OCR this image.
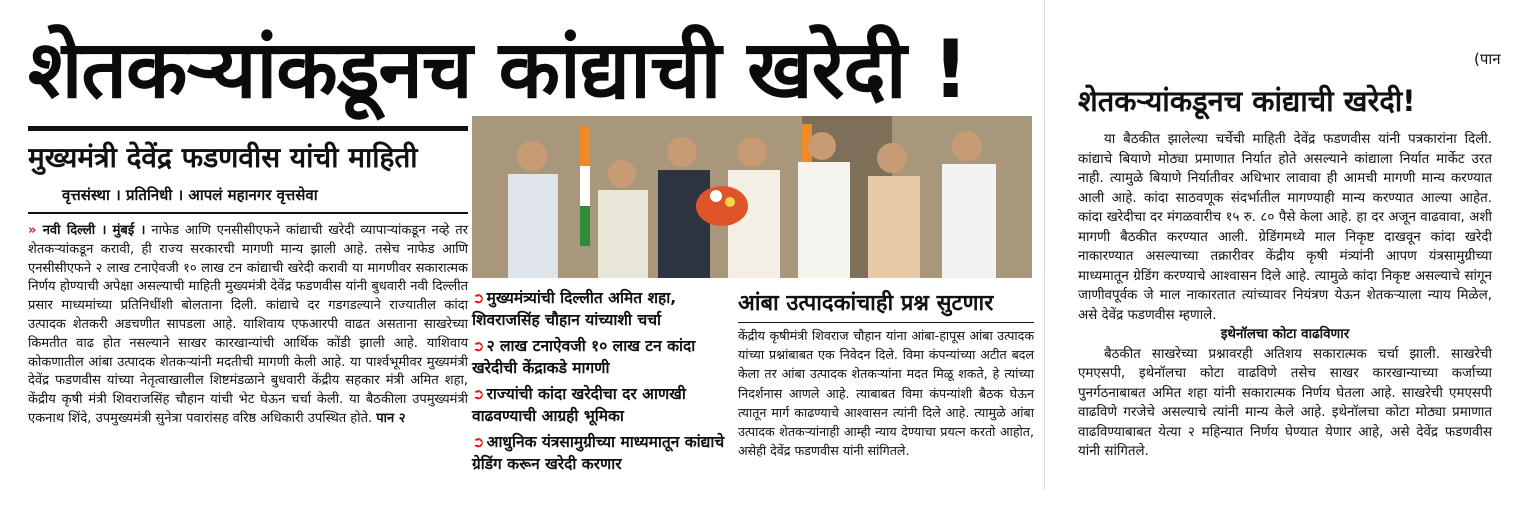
शेतकऱ्यांकडूनच कांद्याची खरेदी !
मुख्यमंत्री देवेंद्र फडणवीस यांची माहिती
वृत्तसंस्था । प्रतिनिधी । आपलं महानगर वृत्तसेवा
» नवी दिल्ली । मुंबई । नाफेड आणि एनसीसीएफने कांद्याची खरेदी व्यापाऱ्यांकडून नव्हे तर शेतकऱ्यांकडून करावी, ही राज्य सरकारची मागणी मान्य झाली आहे. तसेच नाफेड आणि एनसीसीएफने २ लाख टनाऐवजी १० लाख टन कांद्याची खरेदी करावी या मागणीवर सकारात्मक निर्णय होण्याची अपेक्षा असल्याची माहिती मुख्यमंत्री देवेंद्र फडणवीस यांनी बुधवारी नवी दिल्लीत प्रसार माध्यमांच्या प्रतिनिधींशी बोलताना दिली. कांद्याचे दर गडगडल्याने राज्यातील कांदा उत्पादक शेतकरी अडचणीत सापडला आहे. याशिवाय एफआरपी वाढत असताना साखरेच्या किमतीत वाढ होत नसल्याने साखर कारखान्यांची आर्थिक कोंडी झाली आहे. याशिवाय कोकणातील आंबा उत्पादक शेतकऱ्यांनी मदतीची मागणी केली आहे. या पार्श्वभूमीवर मुख्यमंत्री देवेंद्र फडणवीस यांच्या नेतृत्वाखालील शिष्टमंडळाने बुधवारी केंद्रीय सहकार मंत्री अमित शहा, केंद्रीय कृषी मंत्री शिवराजसिंह चौहान यांची भेट घेऊन चर्चा केली. या बैठकीला उपमुख्यमंत्री एकनाथ शिंदे, उपमुख्यमंत्री सुनेत्रा पवारांसह वरिष्ठ अधिकारी उपस्थित होते. पान २
➲ मुख्यमंत्र्यांची दिल्लीत अमित शहा, शिवराजसिंह चौहान यांच्याशी चर्चा
➲ २ लाख टनाऐवजी १० लाख टन कांदा खरेदीची केंद्राकडे मागणी
➲ राज्यांची कांदा खरेदीचा दर आणखी वाढवण्याची आग्रही भूमिका
➲ आधुनिक यंत्रसामुग्रीच्या माध्यमातून कांद्याचे ग्रेडिंग करून खरेदी करणार
आंबा उत्पादकांचाही प्रश्न सुटणार
केंद्रीय कृषीमंत्री शिवराज चौहान यांना आंबा-हापूस आंबा उत्पादक यांच्या प्रश्नांबाबत एक निवेदन दिले. विमा कंपन्यांच्या अटीत बदल केला तर आंबा उत्पादक शेतकऱ्यांना मदत मिळू शकते, हे त्यांच्या निदर्शनास आणले आहे. त्याबाबत विमा कंपन्यांशी बैठक घेऊन त्यातून मार्ग काढण्याचे आश्वासन त्यांनी दिले आहे. त्यामुळे आंबा उत्पादक शेतकऱ्यांनाही आम्ही न्याय देण्याचा प्रयत्न करतो आहोत, असेही देवेंद्र फडणवीस यांनी सांगितले.
(पान
शेतकऱ्यांकडूनच कांद्याची खरेदी!

या बैठकीत झालेल्या चर्चेची माहिती देवेंद्र फडणवीस यांनी पत्रकारांना दिली. कांद्याचे बियाणे मोठ्या प्रमाणात निर्यात होते असल्याने कांद्याला निर्यात मार्केट उरत नाही. त्यामुळे बियाणे निर्यातीवर अधिभार लावावा ही आमची मागणी मान्य करण्यात आली आहे. कांदा साठवणूक संदर्भातील मागण्याही मान्य करण्यात आल्या आहेत. कांदा खरेदीचा दर मंगळवारीच १५ रु. ८० पैसे केला आहे. हा दर अजून वाढवावा, अशी मागणी बैठकीत करण्यात आली. ग्रेडिंगमध्ये माल निकृष्ट दाखवून कांदा खरेदी नाकारण्यात असल्याच्या तक्रारीवर केंद्रीय कृषी मंत्र्यांनी आपण यंत्रसामुग्रीच्या माध्यमातून ग्रेडिंग करण्याचे आश्वासन दिले आहे. त्यामुळे कांदा निकृष्ट असल्याचे सांगून जाणीवपूर्वक जे माल नाकारतात त्यांच्यावर नियंत्रण येऊन शेतकऱ्याला न्याय मिळेल, असे देवेंद्र फडणवीस म्हणाले.

इथेनॉलचा कोटा वाढविणार

बैठकीत साखरेच्या प्रश्नावरही अतिशय सकारात्मक चर्चा झाली. साखरेची एमएसपी, इथेनॉलचा कोटा वाढविणे तसेच साखर कारखान्याच्या कर्जाच्या पुनर्गठनाबाबत अमित शहा यांनी सकारात्मक निर्णय घेतला आहे. साखरेची एमएसपी वाढविणे गरजेचे असल्याचे त्यांनी मान्य केले आहे. इथेनॉलचा कोटा मोठ्या प्रमाणात वाढविण्याबाबत येत्या २ महिन्यात निर्णय घेण्यात येणार आहे, असे देवेंद्र फडणवीस यांनी सांगितले.
